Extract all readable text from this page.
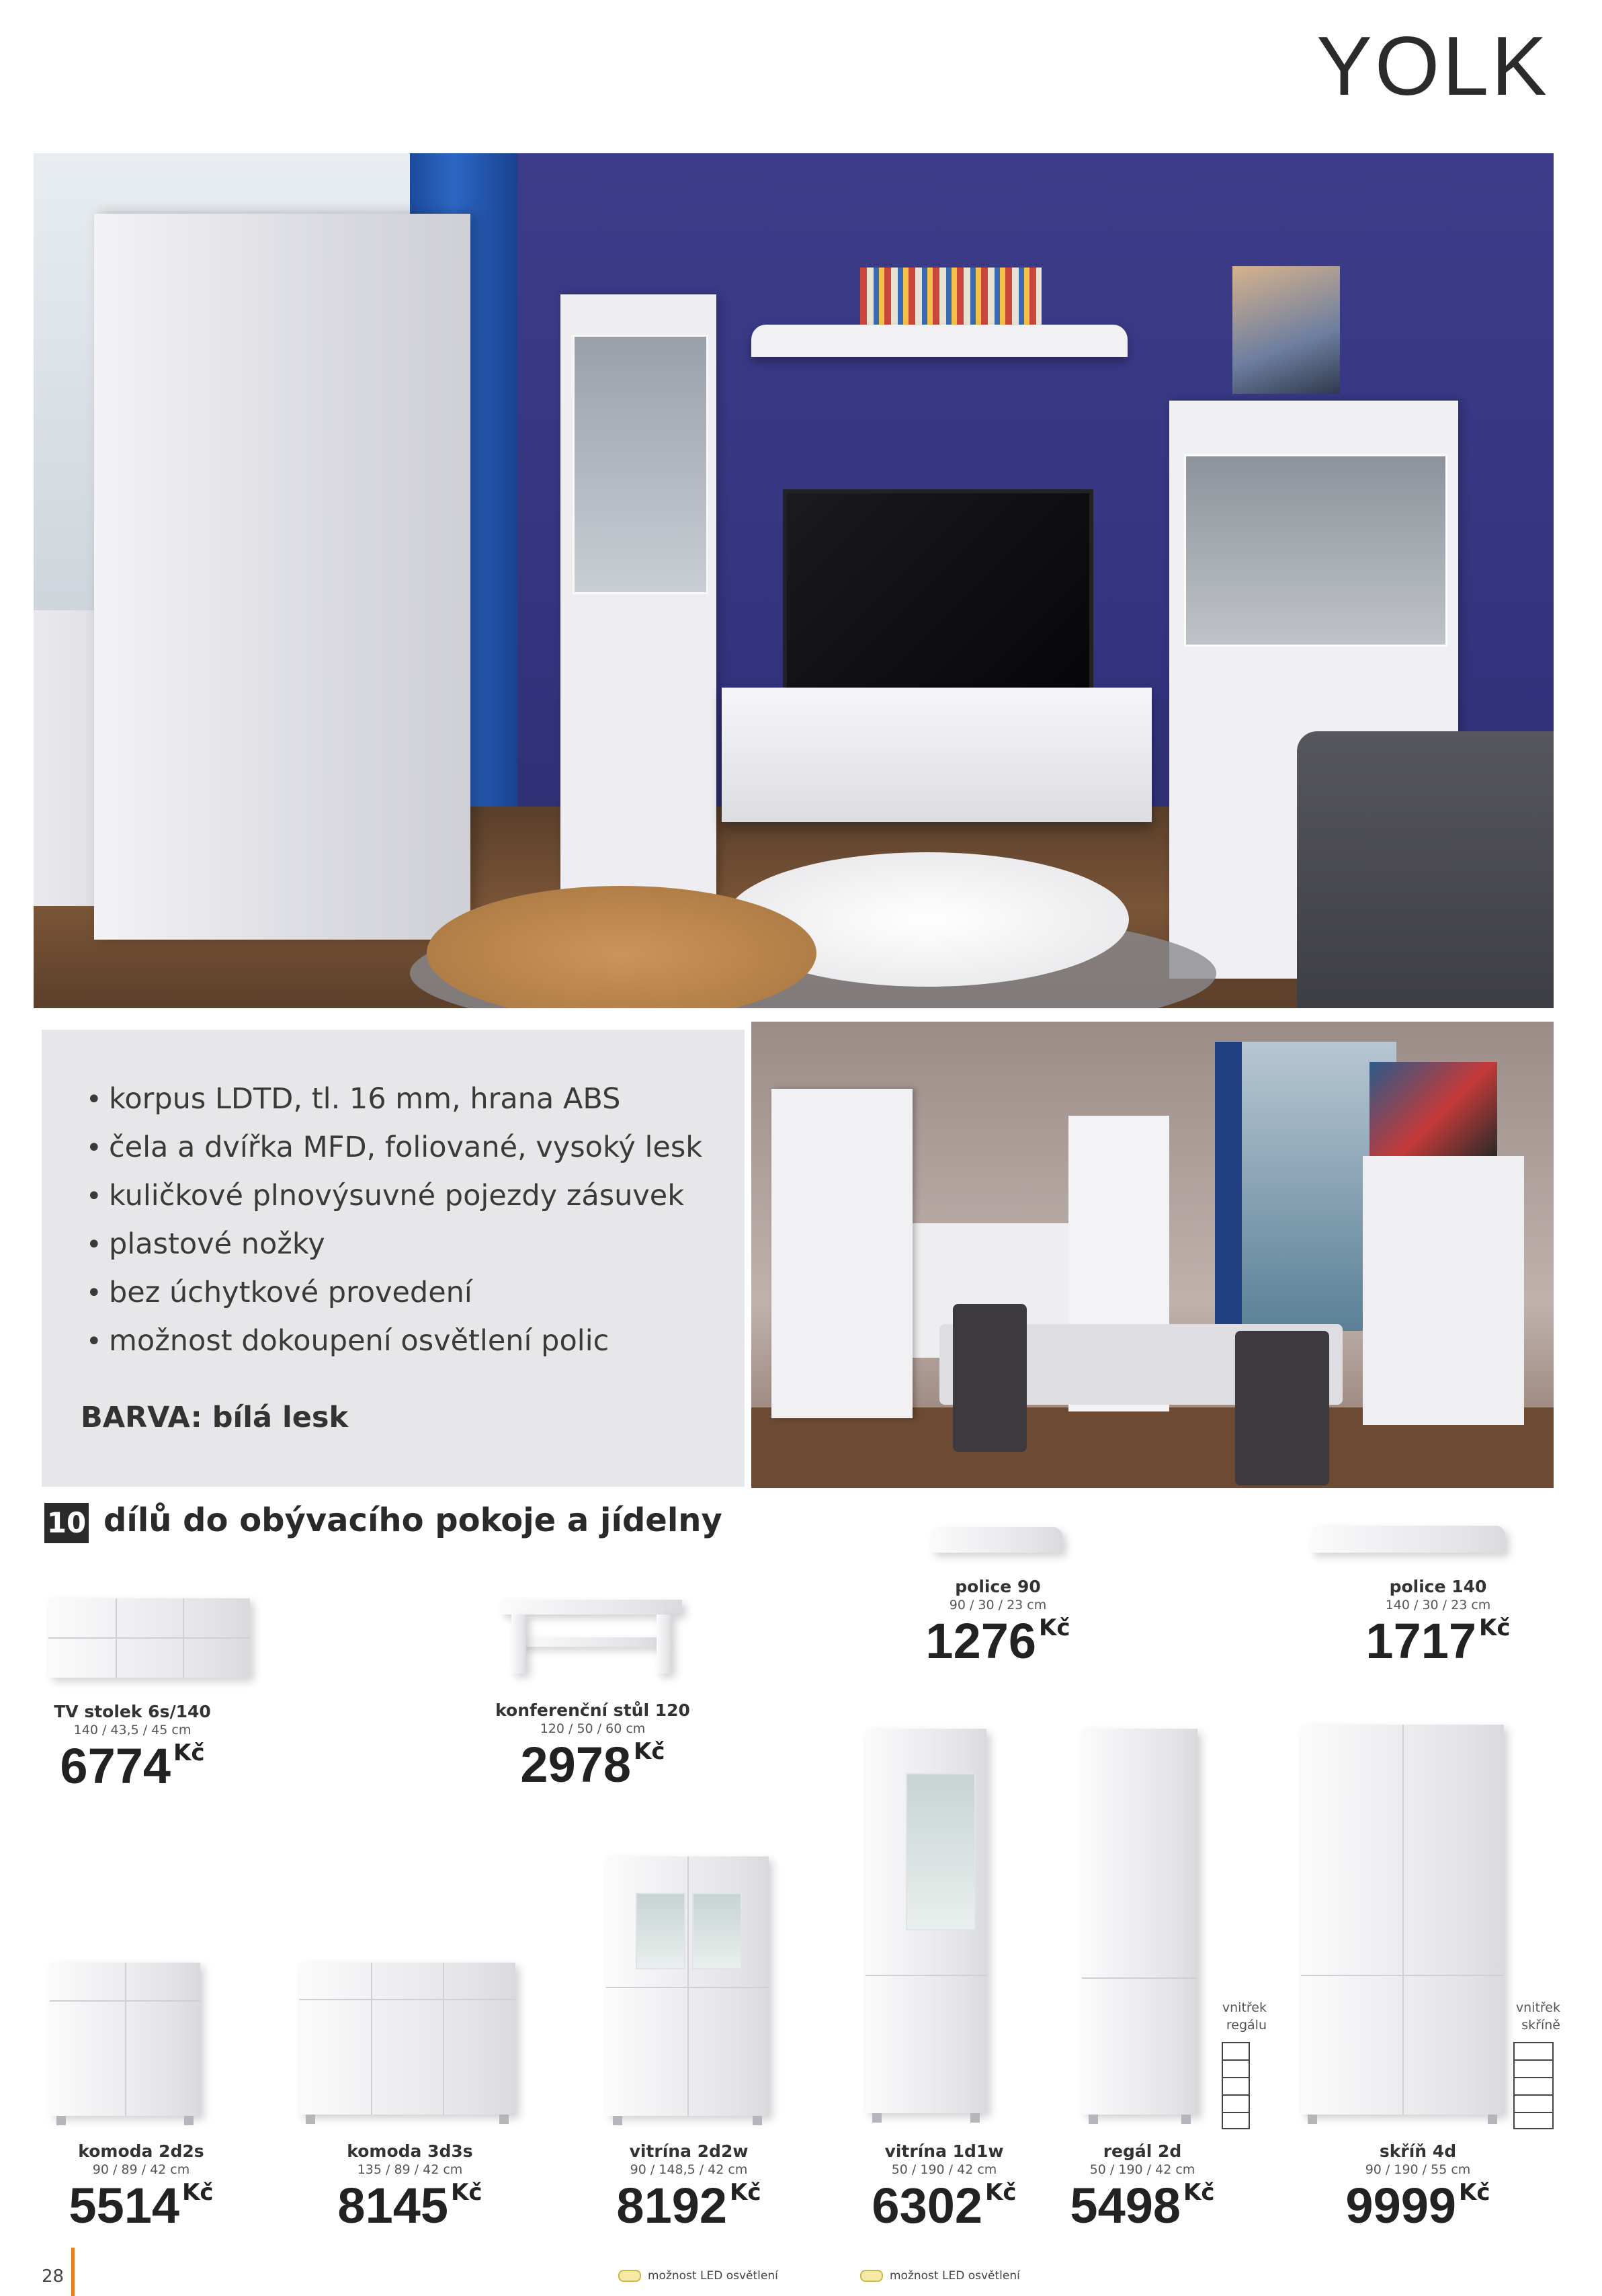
YOLK
• korpus LDTD, tl. 16 mm, hrana ABS
• čela a dvířka MFD, foliované, vysoký lesk
• kuličkové plnovýsuvné pojezdy zásuvek
• plastové nožky
• bez úchytkové provedení
• možnost dokoupení osvětlení polic
BARVA: bílá lesk
10 dílů do obývacího pokoje a jídelny
TV stolek 6s/140
140 / 43,5 / 45 cm
6774 Kč
konferenční stůl 120
120 / 50 / 60 cm
2978 Kč
police 90
90 / 30 / 23 cm
1276 Kč
police 140
140 / 30 / 23 cm
1717 Kč
komoda 2d2s
90 / 89 / 42 cm
5514 Kč
komoda 3d3s
135 / 89 / 42 cm
8145 Kč
vitrína 2d2w
90 / 148,5 / 42 cm
8192 Kč
možnost LED osvětlení
vitrína 1d1w
50 / 190 / 42 cm
6302 Kč
možnost LED osvětlení
vnitřek
regálu
regál 2d
50 / 190 / 42 cm
5498 Kč
vnitřek
skříně
skříň 4d
90 / 190 / 55 cm
9999 Kč
28
